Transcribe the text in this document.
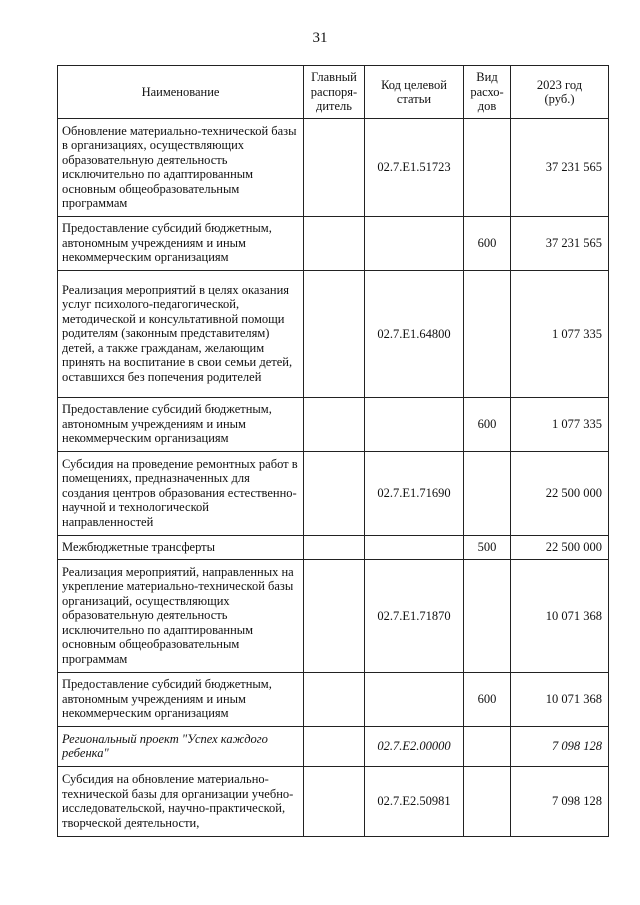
31
Наименование	Главный распоря-дитель	Код целевой статьи	Вид расхо-дов	2023 год (руб.)
Обновление материально-технической базы в организациях, осуществляющих образовательную деятельность исключительно по адаптированным основным общеобразовательным программам		02.7.Е1.51723		37 231 565
Предоставление субсидий бюджетным, автономным учреждениям и иным некоммерческим организациям			600	37 231 565
Реализация мероприятий в целях оказания услуг психолого-педагогической, методической и консультативной помощи родителям (законным представителям) детей, а также гражданам, желающим принять на воспитание в свои семьи детей, оставшихся без попечения родителей		02.7.Е1.64800		1 077 335
Предоставление субсидий бюджетным, автономным учреждениям и иным некоммерческим организациям			600	1 077 335
Субсидия на проведение ремонтных работ в помещениях, предназначенных для создания центров образования естественно-научной и технологической направленностей		02.7.Е1.71690		22 500 000
Межбюджетные трансферты			500	22 500 000
Реализация мероприятий, направленных на укрепление материально-технической базы организаций, осуществляющих образовательную деятельность исключительно по адаптированным основным общеобразовательным программам		02.7.Е1.71870		10 071 368
Предоставление субсидий бюджетным, автономным учреждениям и иным некоммерческим организациям			600	10 071 368
Региональный проект "Успех каждого ребенка"		02.7.Е2.00000		7 098 128
Субсидия на обновление материально-технической базы для организации учебно-исследовательской, научно-практической, творческой деятельности,		02.7.Е2.50981		7 098 128
